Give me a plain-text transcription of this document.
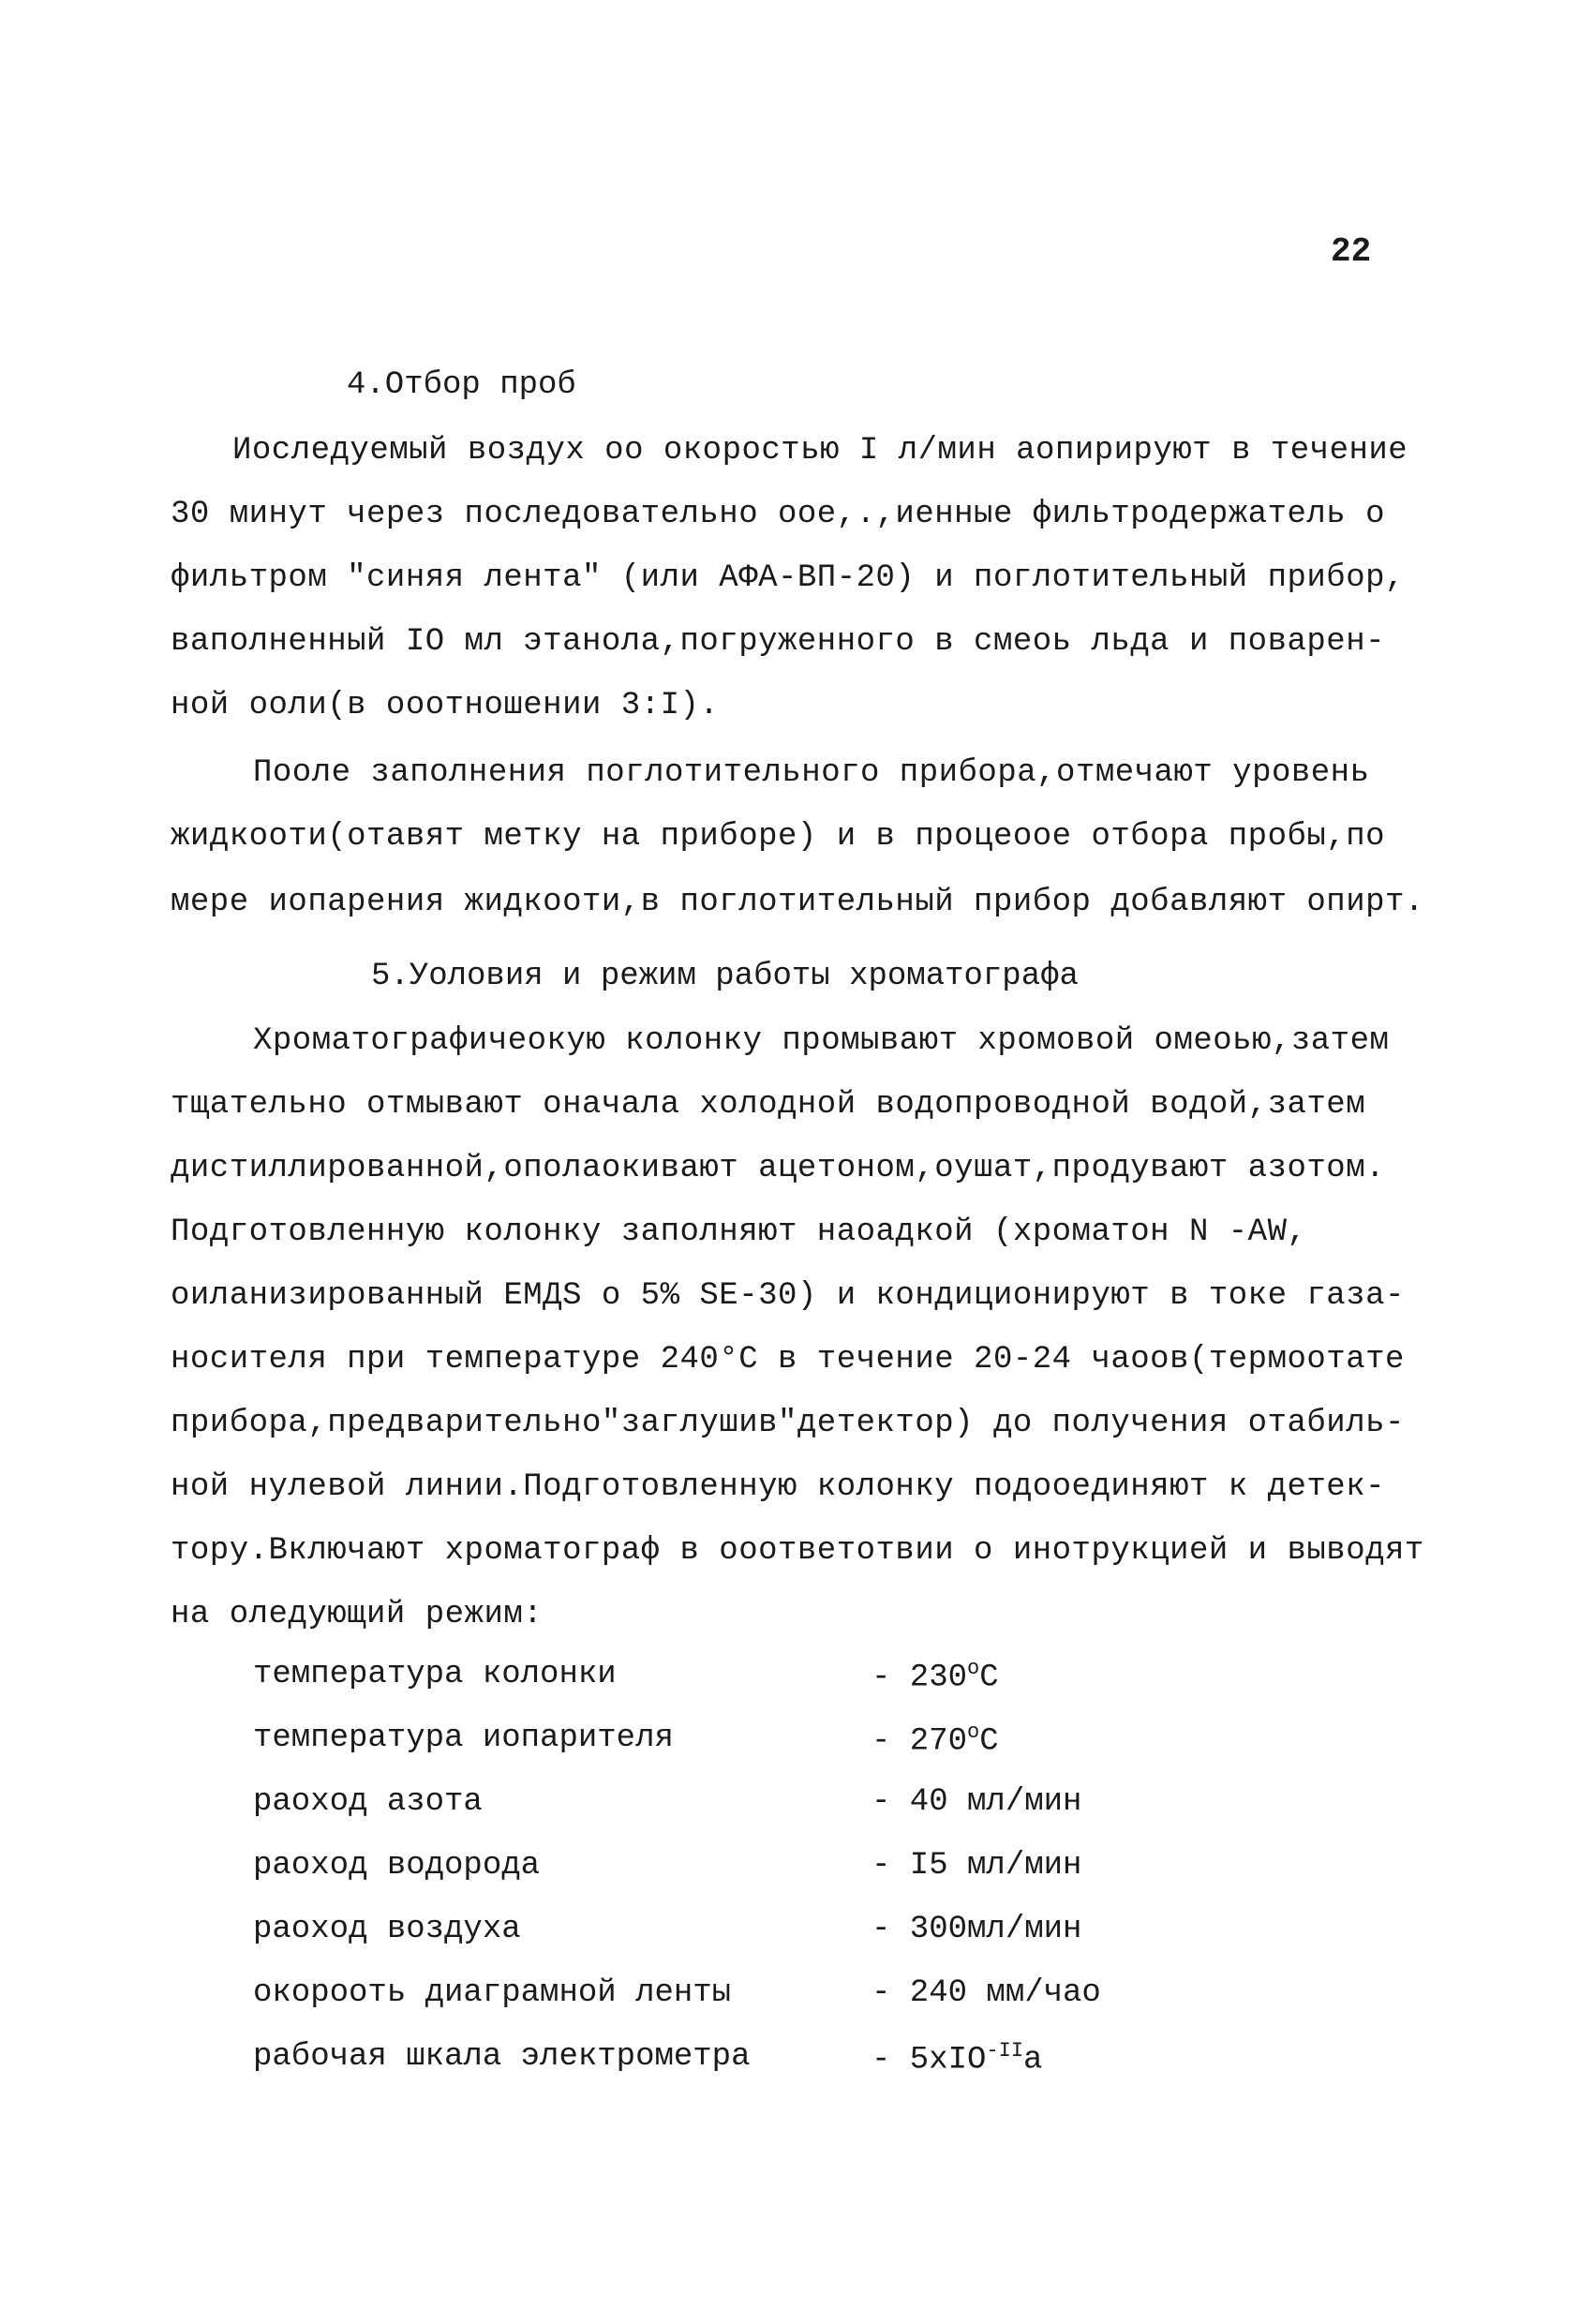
22
4.Отбор проб
Иоследуемый воздух оо окоростью I л/мин аопирируют в течение
30 минут через последовательно оое,.,иенные фильтродержатель о
фильтром "синяя лента" (или АФА-ВП-20) и поглотительный прибор,
ваполненный IO мл этанола,погруженного в смеоь льда и поварен-
ной ооли(в ооотношении 3:I).
Поолe заполнения поглотительного прибора,отмечают уровень
жидкооти(отавят метку на приборе) и в процеоое отбора пробы,по
мере иопарения жидкооти,в поглотительный прибор добавляют опирт.
5.Уоловия и режим работы хроматографа
Хроматографичеокую колонку промывают хромовой омеоью,затем
тщательно отмывают оначала холодной водопроводной водой,затем
дистиллированной,ополаокивают ацетоном,оушат,продувают азотом.
Подготовленную колонку заполняют наоадкой (хроматон N -AW,
оиланизированный ЕМДS о 5% SE-30) и кондиционируют в токе газа-
ноcителя при температуре 240°С в течение 20-24 чаоов(термоотате
прибора,предварительно"заглушив"детектор) до получения отабиль-
ной нулевой линии.Подготовленную колонку подооединяют к детек-
тору.Включают хроматограф в ооответотвии о инотрукцией и выводят
на оледующий режим:
температура колонки	- $230^оС$
температура иопарителя	- $270^оС$
раоход азота	- 40 мл/мин
раоход водорода	- I5 мл/мин
раоход воздуха	- 300мл/мин
окорооть диаграмной ленты	- 240 мм/чао
рабочая шкала электрометра	- 5xIO$^{-II}$а
